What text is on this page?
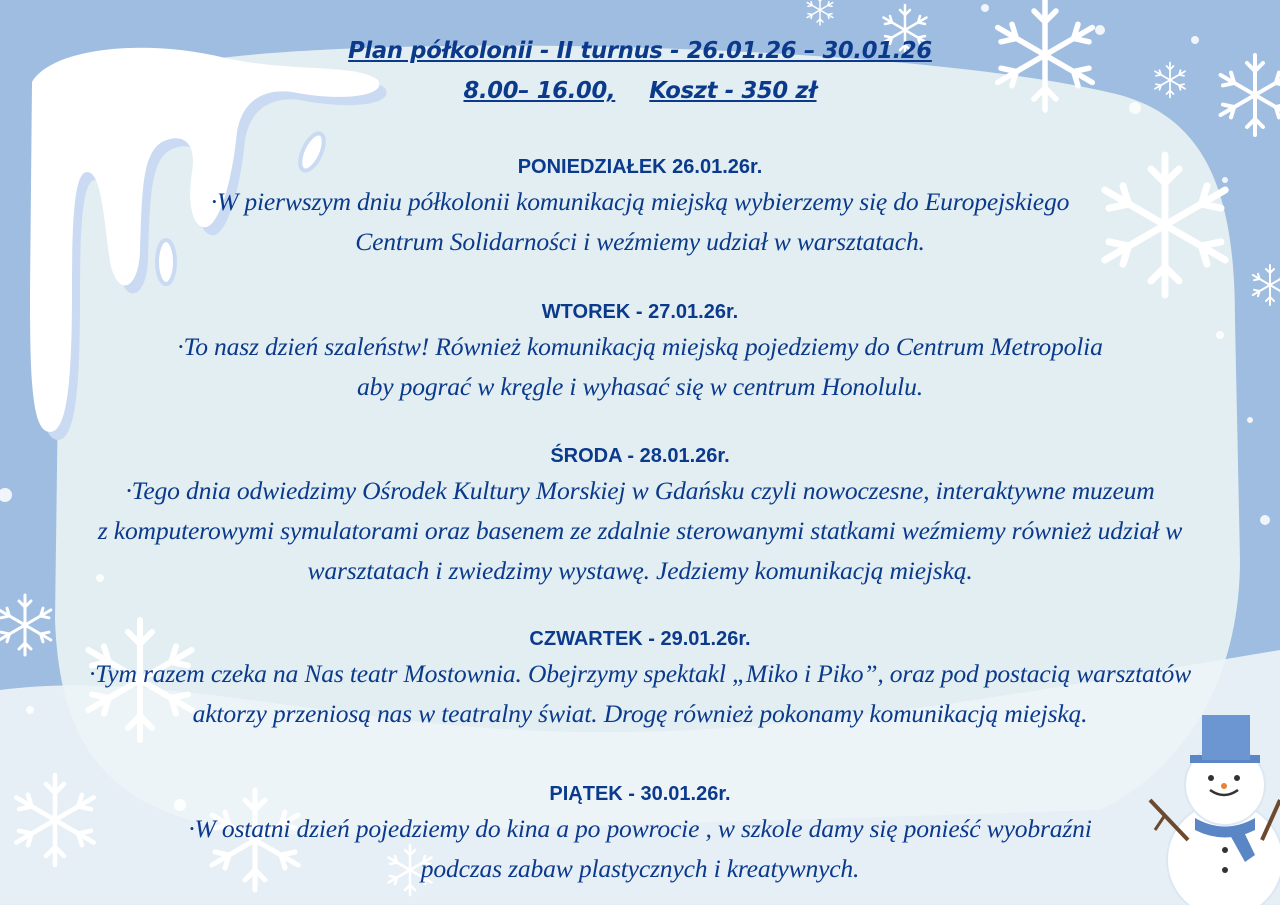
Plan półkolonii - II turnus - 26.01.26 – 30.01.26
8.00– 16.00, Koszt - 350 zł
PONIEDZIAŁEK 26.01.26r.
·W pierwszym dniu półkolonii komunikacją miejską wybierzemy się do Europejskiego
Centrum Solidarności i weźmiemy udział w warsztatach.
WTOREK - 27.01.26r.
·To nasz dzień szaleństw! Również komunikacją miejską pojedziemy do Centrum Metropolia
aby pograć w kręgle i wyhasać się w centrum Honolulu.
ŚRODA - 28.01.26r.
·Tego dnia odwiedzimy Ośrodek Kultury Morskiej w Gdańsku czyli nowoczesne, interaktywne muzeum
z komputerowymi symulatorami oraz basenem ze zdalnie sterowanymi statkami weźmiemy również udział w
warsztatach i zwiedzimy wystawę. Jedziemy komunikacją miejską.
CZWARTEK - 29.01.26r.
·Tym razem czeka na Nas teatr Mostownia. Obejrzymy spektakl „Miko i Piko”, oraz pod postacią warsztatów
aktorzy przeniosą nas w teatralny świat. Drogę również pokonamy komunikacją miejską.
PIĄTEK - 30.01.26r.
·W ostatni dzień pojedziemy do kina a po powrocie , w szkole damy się ponieść wyobraźni
podczas zabaw plastycznych i kreatywnych.
